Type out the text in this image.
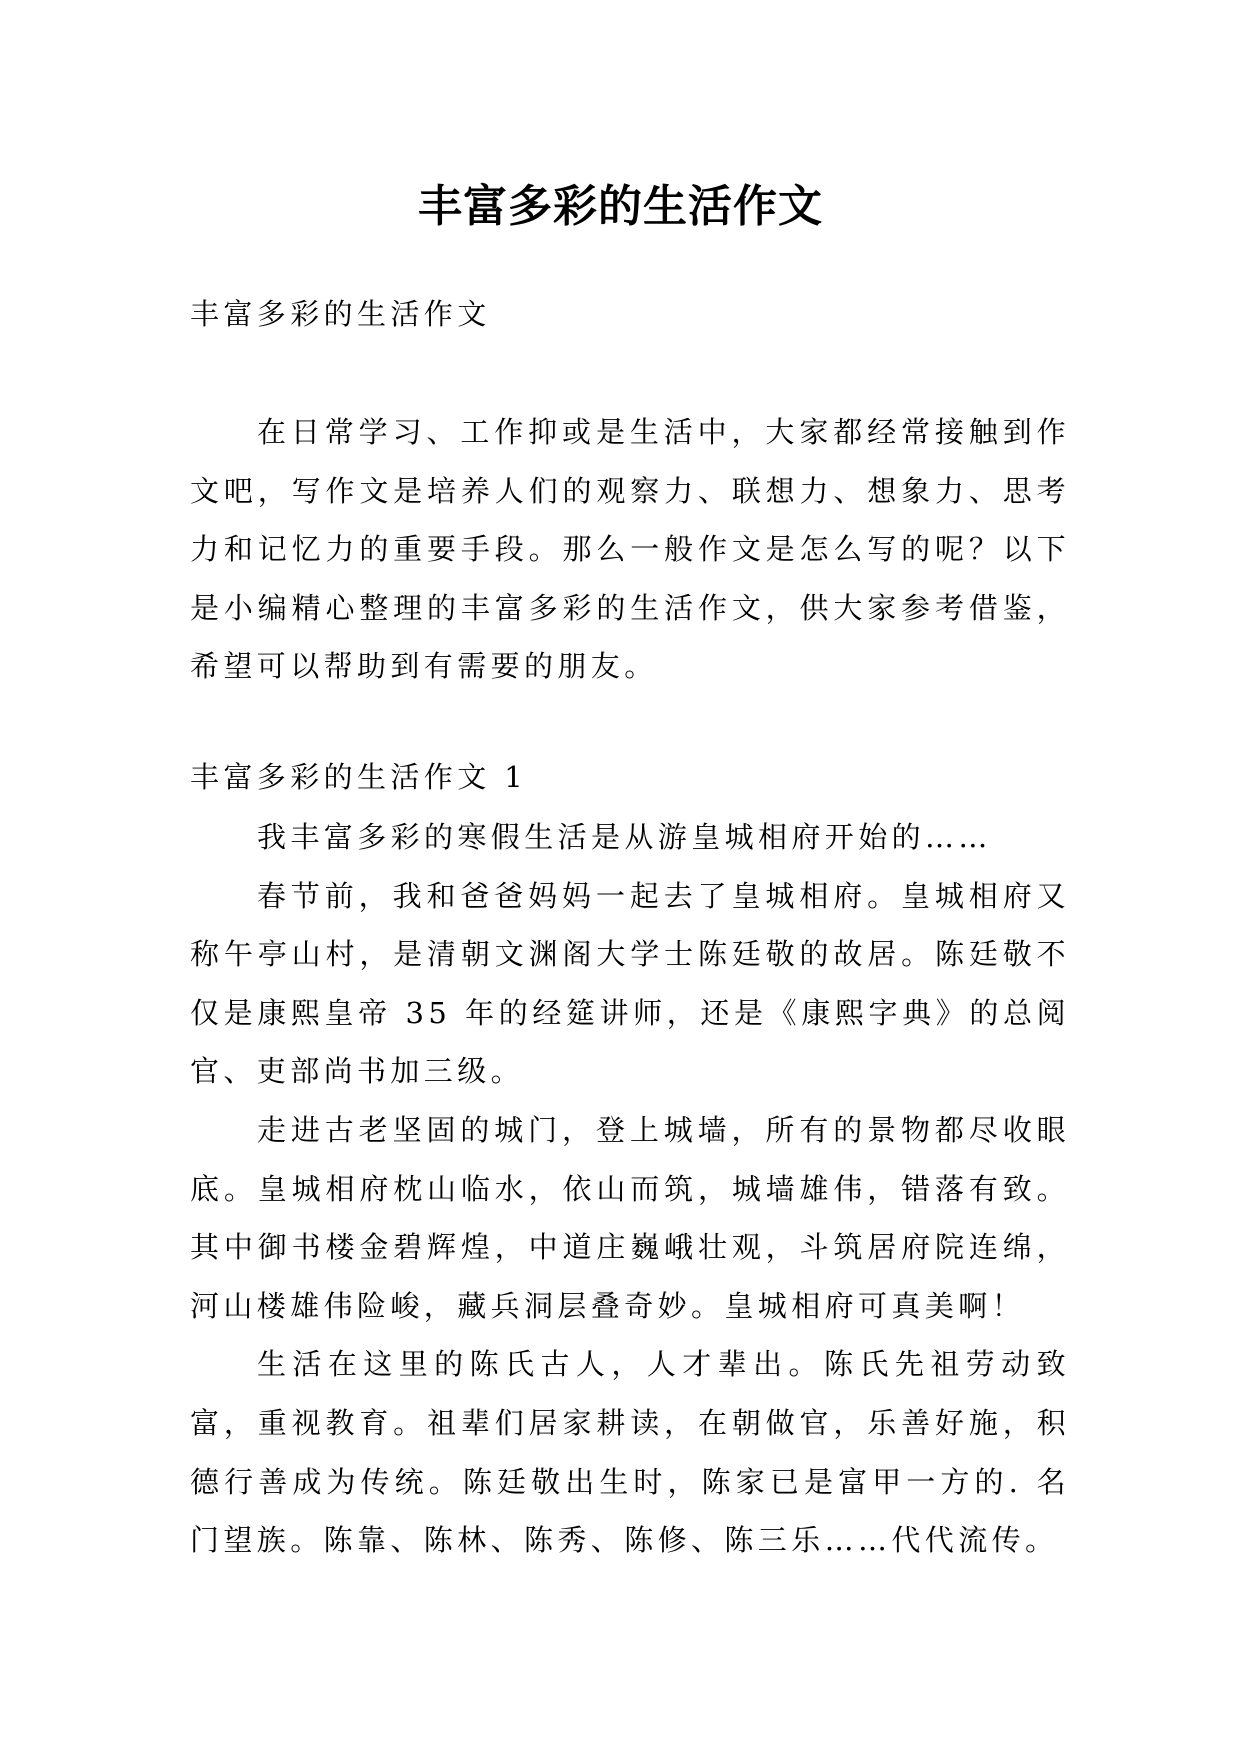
丰富多彩的生活作文
丰富多彩的生活作文

在日常学习、工作抑或是生活中，大家都经常接触到作文吧，写作文是培养人们的观察力、联想力、想象力、思考力和记忆力的重要手段。那么一般作文是怎么写的呢？以下是小编精心整理的丰富多彩的生活作文，供大家参考借鉴，希望可以帮助到有需要的朋友。

丰富多彩的生活作文 1

我丰富多彩的寒假生活是从游皇城相府开始的……

春节前，我和爸爸妈妈一起去了皇城相府。皇城相府又称午亭山村，是清朝文渊阁大学士陈廷敬的故居。陈廷敬不仅是康熙皇帝 35 年的经筵讲师，还是《康熙字典》的总阅官、吏部尚书加三级。

走进古老坚固的城门，登上城墙，所有的景物都尽收眼底。皇城相府枕山临水，依山而筑，城墙雄伟，错落有致。其中御书楼金碧辉煌，中道庄巍峨壮观，斗筑居府院连绵，河山楼雄伟险峻，藏兵洞层叠奇妙。皇城相府可真美啊！

生活在这里的陈氏古人，人才辈出。陈氏先祖劳动致富，重视教育。祖辈们居家耕读，在朝做官，乐善好施，积德行善成为传统。陈廷敬出生时，陈家已是富甲一方的. 名门望族。陈靠、陈林、陈秀、陈修、陈三乐……代代流传。
